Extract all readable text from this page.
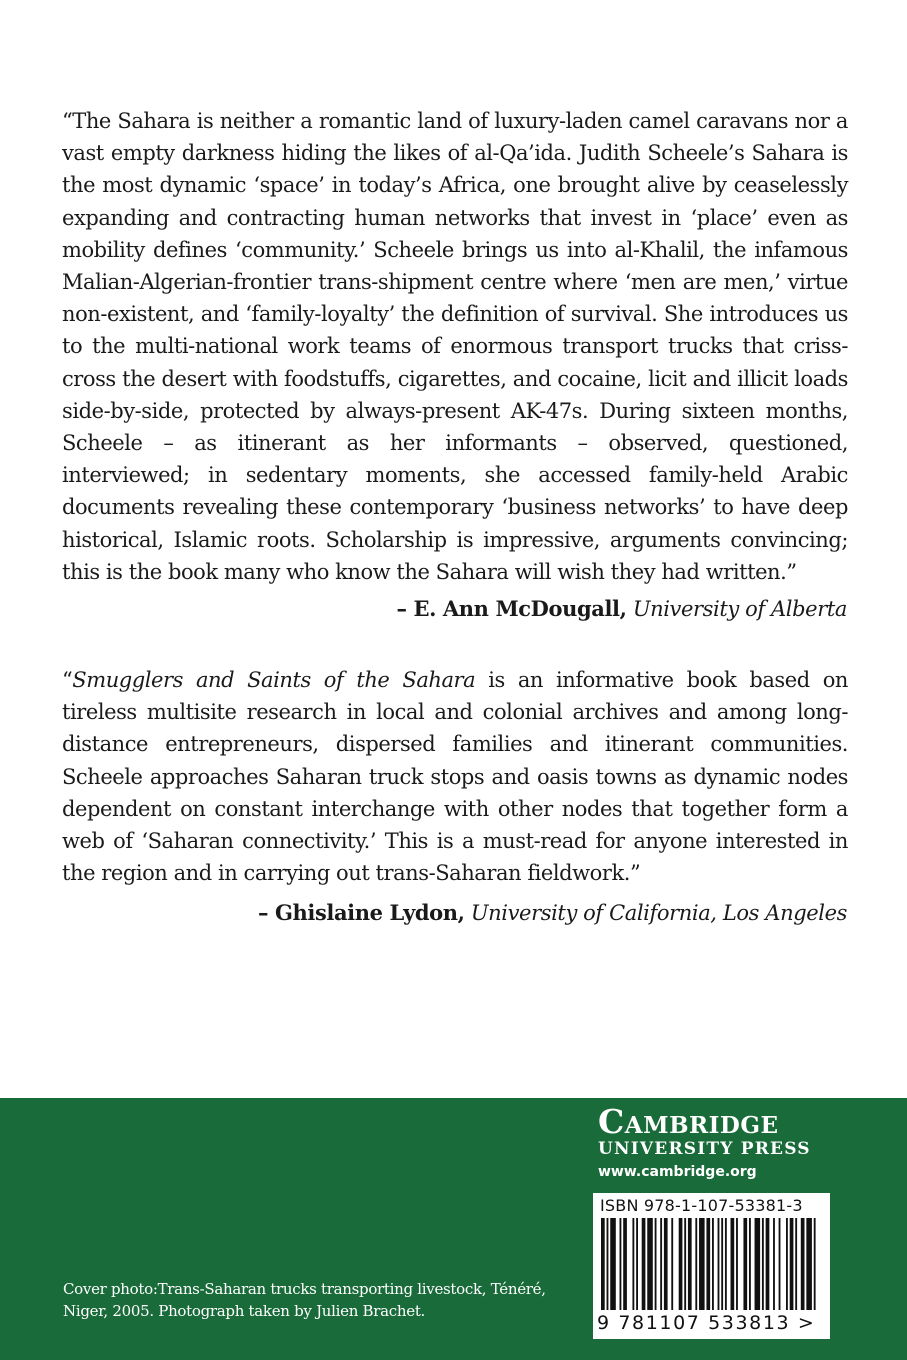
“The Sahara is neither a romantic land of luxury-laden camel caravans nor a vast empty darkness hiding the likes of al-Qa’ida. Judith Scheele’s Sahara is the most dynamic ‘space’ in today’s Africa, one brought alive by ceaselessly expanding and contracting human networks that invest in ‘place’ even as mobility defines ‘community.’ Scheele brings us into al-Khalil, the infamous Malian-Algerian-frontier trans-shipment centre where ‘men are men,’ virtue non-existent, and ‘family-loyalty’ the definition of survival. She introduces us to the multi-national work teams of enormous transport trucks that criss-cross the desert with foodstuffs, cigarettes, and cocaine, licit and illicit loads side-by-side, protected by always-present AK-47s. During sixteen months, Scheele – as itinerant as her informants – observed, questioned, interviewed; in sedentary moments, she accessed family-held Arabic documents revealing these contemporary ‘business networks’ to have deep historical, Islamic roots. Scholarship is impressive, arguments convincing; this is the book many who know the Sahara will wish they had written.”

– E. Ann McDougall, University of Alberta

“Smugglers and Saints of the Sahara is an informative book based on tireless multisite research in local and colonial archives and among long-distance entrepreneurs, dispersed families and itinerant communities. Scheele approaches Saharan truck stops and oasis towns as dynamic nodes dependent on constant interchange with other nodes that together form a web of ‘Saharan connectivity.’ This is a must-read for anyone interested in the region and in carrying out trans-Saharan fieldwork.”

– Ghislaine Lydon, University of California, Los Angeles
Cambridge
UNIVERSITY PRESS
www.cambridge.org
ISBN 978-1-107-53381-3
9 781107 533813 >

Cover photo:Trans-Saharan trucks transporting livestock, Ténéré, Niger, 2005. Photograph taken by Julien Brachet.
